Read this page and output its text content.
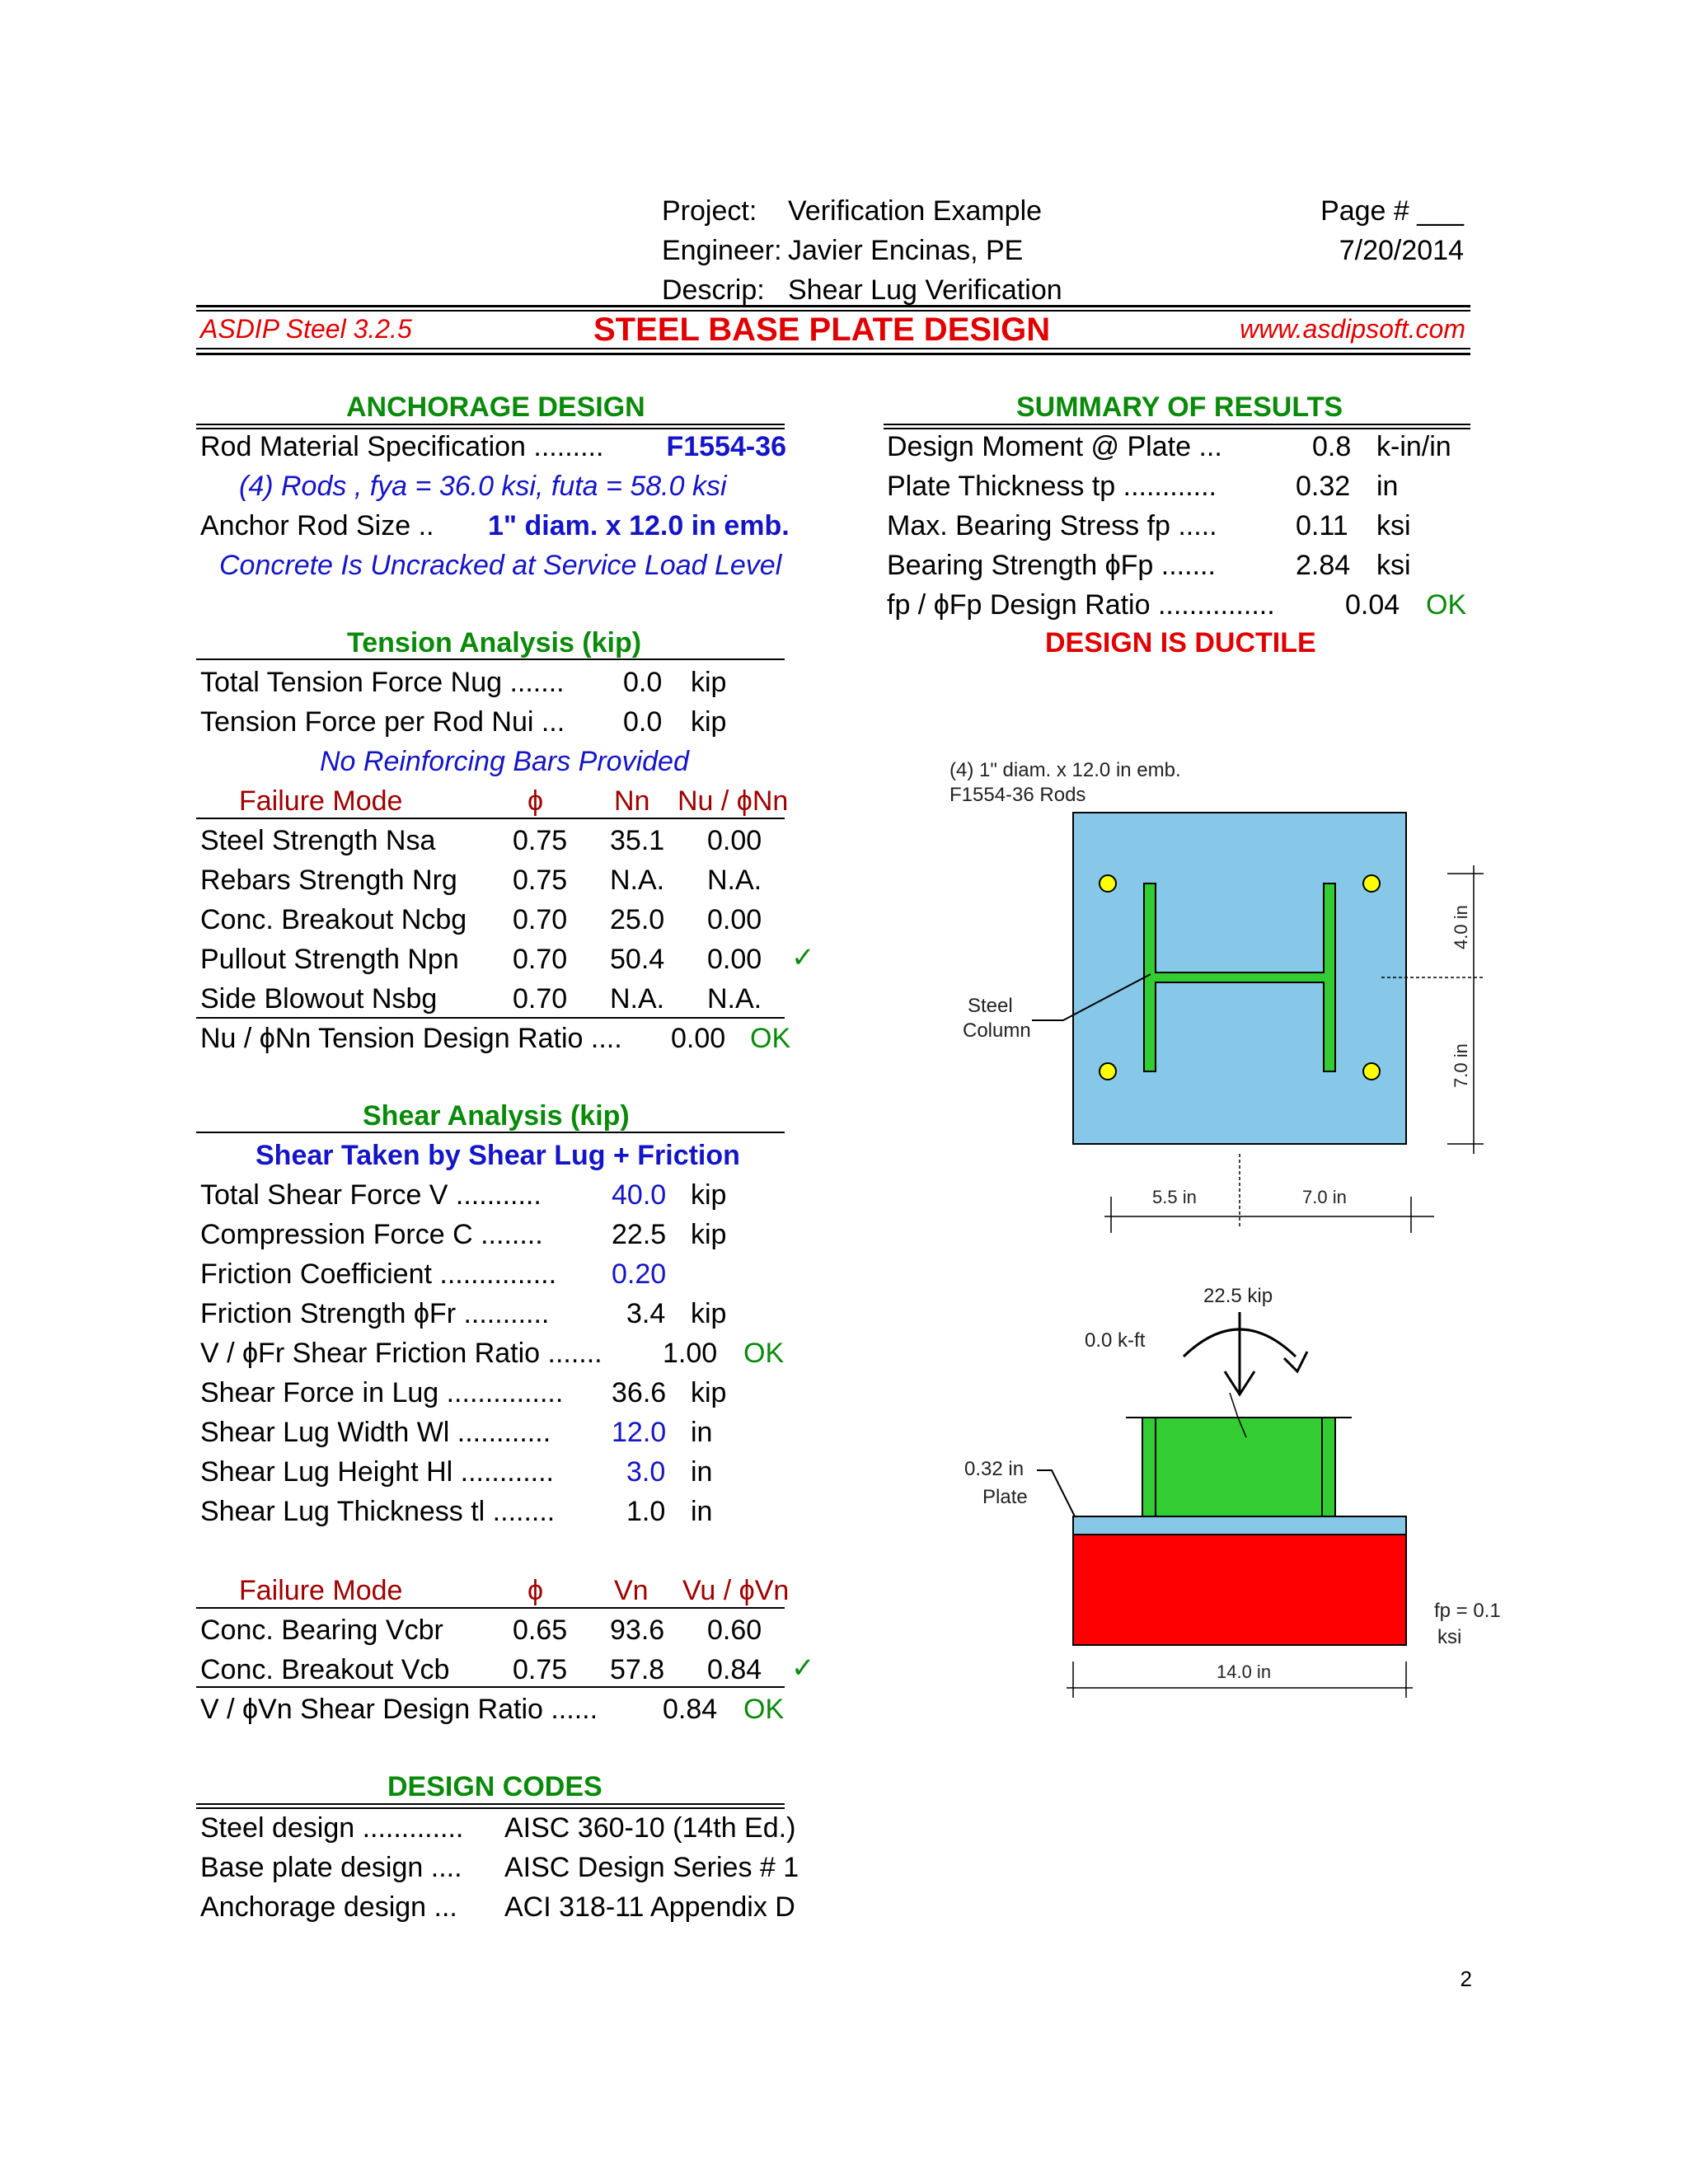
Project: Verification Example
Engineer: Javier Encinas, PE
Descrip: Shear Lug Verification
Page # ___
7/20/2014
ASDIP Steel 3.2.5	STEEL BASE PLATE DESIGN	www.asdipsoft.com
ANCHORAGE DESIGN
Rod Material Specification ......... F1554-36
(4) Rods , fya = 36.0 ksi, futa = 58.0 ksi
Anchor Rod Size .. 1" diam. x 12.0 in emb.
Concrete Is Uncracked at Service Load Level
Tension Analysis (kip)
Total Tension Force Nug ....... 0.0 kip
Tension Force per Rod Nui ... 0.0 kip
No Reinforcing Bars Provided
Failure Mode	ϕ	Nn Nu / ϕNn
Steel Strength Nsa	0.75 35.1 0.00
Rebars Strength Nrg 0.75 N.A. N.A.
Conc. Breakout Ncbg 0.70 25.0 0.00
Pullout Strength Npn 0.70 50.4 0.00 ✓
Side Blowout Nsbg	0.70 N.A. N.A.
Nu / ϕNn Tension Design Ratio .... 0.00 OK
Shear Analysis (kip)
Shear Taken by Shear Lug + Friction
Total Shear Force V ...........	40.0 kip
Compression Force C ........ 22.5 kip
Friction Coefficient ............... 0.20
Friction Strength ϕFr ...........	3.4 kip
V / ϕFr Shear Friction Ratio ....... 1.00 OK
Shear Force in Lug ............... 36.6 kip
Shear Lug Width Wl ............ 12.0 in
Shear Lug Height Hl ............	3.0 in
Shear Lug Thickness tl ........	1.0 in
Failure Mode	ϕ	Vn Vu / ϕVn
Conc. Bearing Vcbr 0.65 93.6 0.60
Conc. Breakout Vcb 0.75 57.8 0.84 ✓
V / ϕVn Shear Design Ratio ...... 0.84 OK
DESIGN CODES
Steel design ............. AISC 360-10 (14th Ed.)
Base plate design .... AISC Design Series # 1
Anchorage design ... ACI 318-11 Appendix D
SUMMARY OF RESULTS
Design Moment @ Plate ...	0.8 k-in/in
Plate Thickness tp ............	0.32 in
Max. Bearing Stress fp .....	0.11 ksi
Bearing Strength ϕFp .......	2.84 ksi
fp / ϕFp Design Ratio ...............	0.04 OK
DESIGN IS DUCTILE
(4) 1" diam. x 12.0 in emb.
F1554-36 Rods
Steel
Column
4.0 in
7.0 in
5.5 in	7.0 in
22.5 kip
0.0 k-ft
0.32 in
Plate
fp = 0.1
ksi
14.0 in
2
